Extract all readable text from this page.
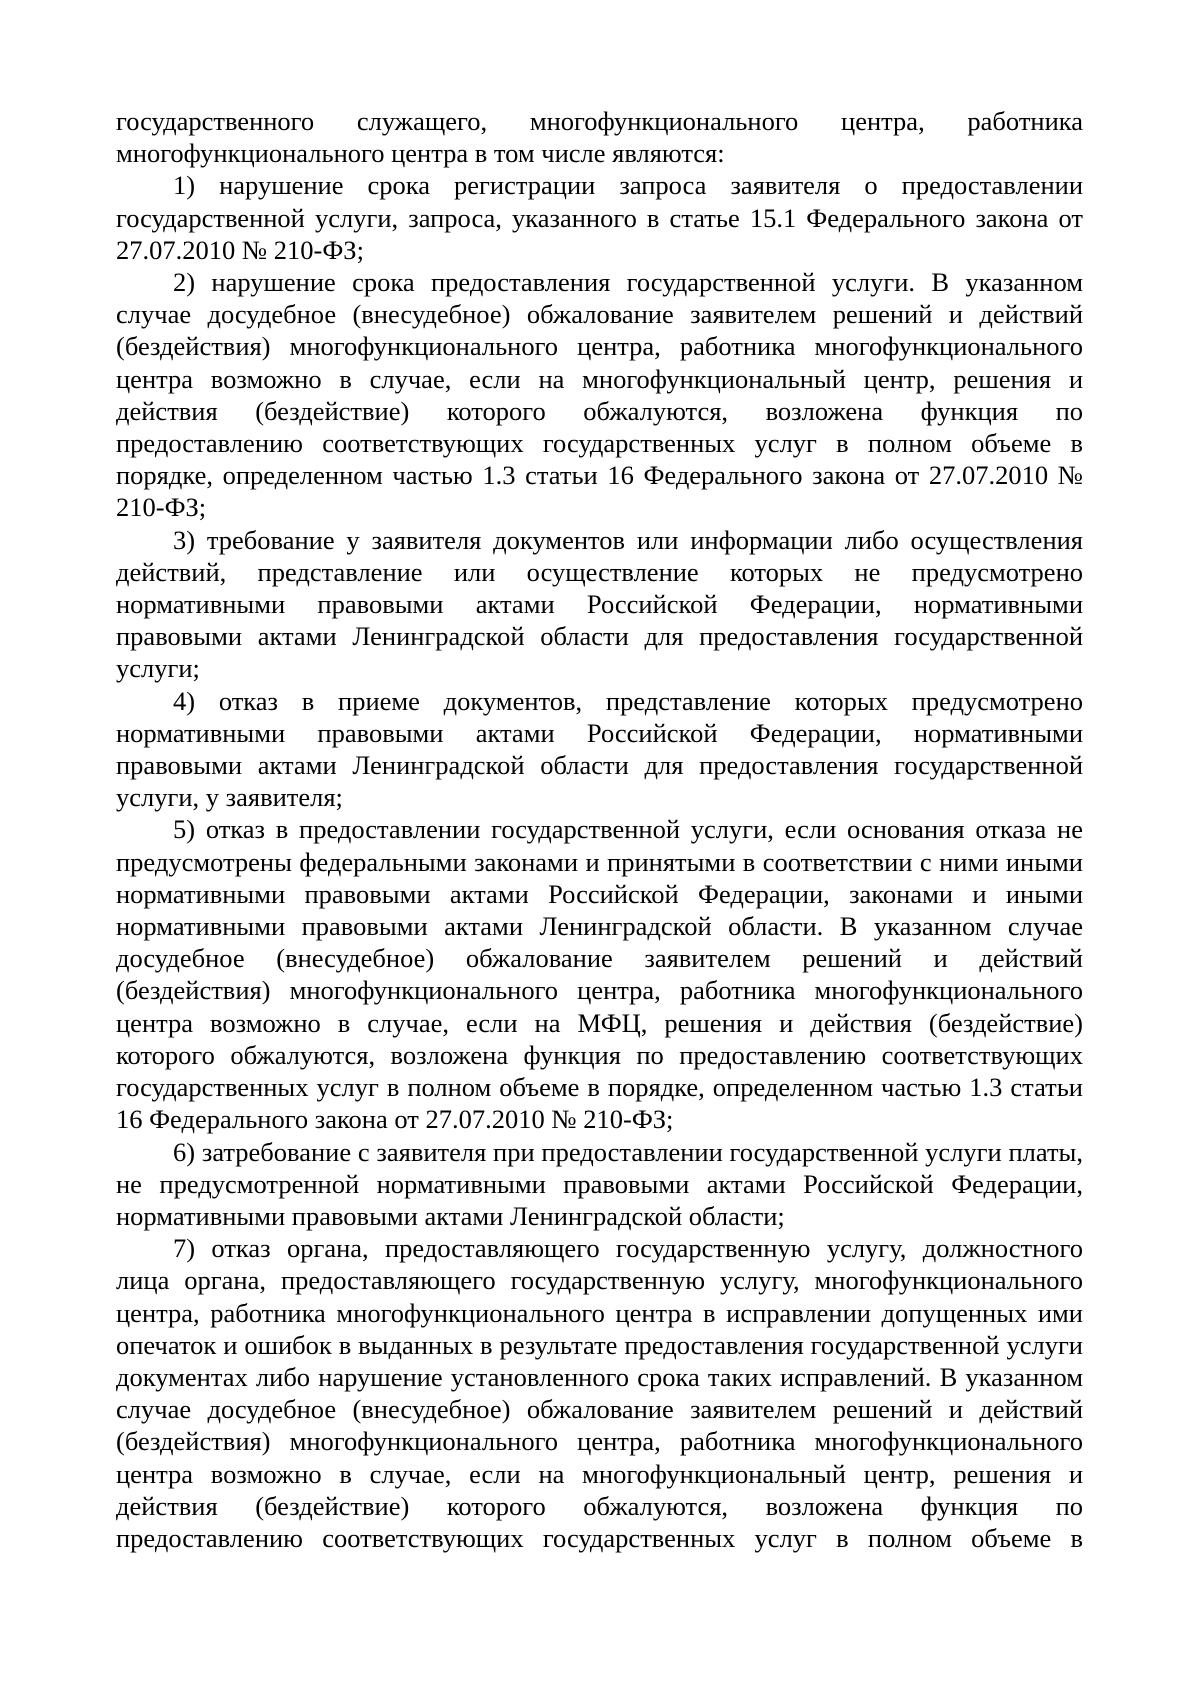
государственного служащего, многофункционального центра, работника многофункционального центра в том числе являются:

1) нарушение срока регистрации запроса заявителя о предоставлении государственной услуги, запроса, указанного в статье 15.1 Федерального закона от 27.07.2010 № 210-ФЗ;

2) нарушение срока предоставления государственной услуги. В указанном случае досудебное (внесудебное) обжалование заявителем решений и действий (бездействия) многофункционального центра, работника многофункционального центра возможно в случае, если на многофункциональный центр, решения и действия (бездействие) которого обжалуются, возложена функция по предоставлению соответствующих государственных услуг в полном объеме в порядке, определенном частью 1.3 статьи 16 Федерального закона от 27.07.2010 № 210-ФЗ;

3) требование у заявителя документов или информации либо осуществления действий, представление или осуществление которых не предусмотрено нормативными правовыми актами Российской Федерации, нормативными правовыми актами Ленинградской области для предоставления государственной услуги;

4) отказ в приеме документов, представление которых предусмотрено нормативными правовыми актами Российской Федерации, нормативными правовыми актами Ленинградской области для предоставления государственной услуги, у заявителя;

5) отказ в предоставлении государственной услуги, если основания отказа не предусмотрены федеральными законами и принятыми в соответствии с ними иными нормативными правовыми актами Российской Федерации, законами и иными нормативными правовыми актами Ленинградской области. В указанном случае досудебное (внесудебное) обжалование заявителем решений и действий (бездействия) многофункционального центра, работника многофункционального центра возможно в случае, если на МФЦ, решения и действия (бездействие) которого обжалуются, возложена функция по предоставлению соответствующих государственных услуг в полном объеме в порядке, определенном частью 1.3 статьи 16 Федерального закона от 27.07.2010 № 210-ФЗ;

6) затребование с заявителя при предоставлении государственной услуги платы, не предусмотренной нормативными правовыми актами Российской Федерации, нормативными правовыми актами Ленинградской области;

7) отказ органа, предоставляющего государственную услугу, должностного лица органа, предоставляющего государственную услугу, многофункционального центра, работника многофункционального центра в исправлении допущенных ими опечаток и ошибок в выданных в результате предоставления государственной услуги документах либо нарушение установленного срока таких исправлений. В указанном случае досудебное (внесудебное) обжалование заявителем решений и действий (бездействия) многофункционального центра, работника многофункционального центра возможно в случае, если на многофункциональный центр, решения и действия (бездействие) которого обжалуются, возложена функция по предоставлению соответствующих государственных услуг в полном объеме в
